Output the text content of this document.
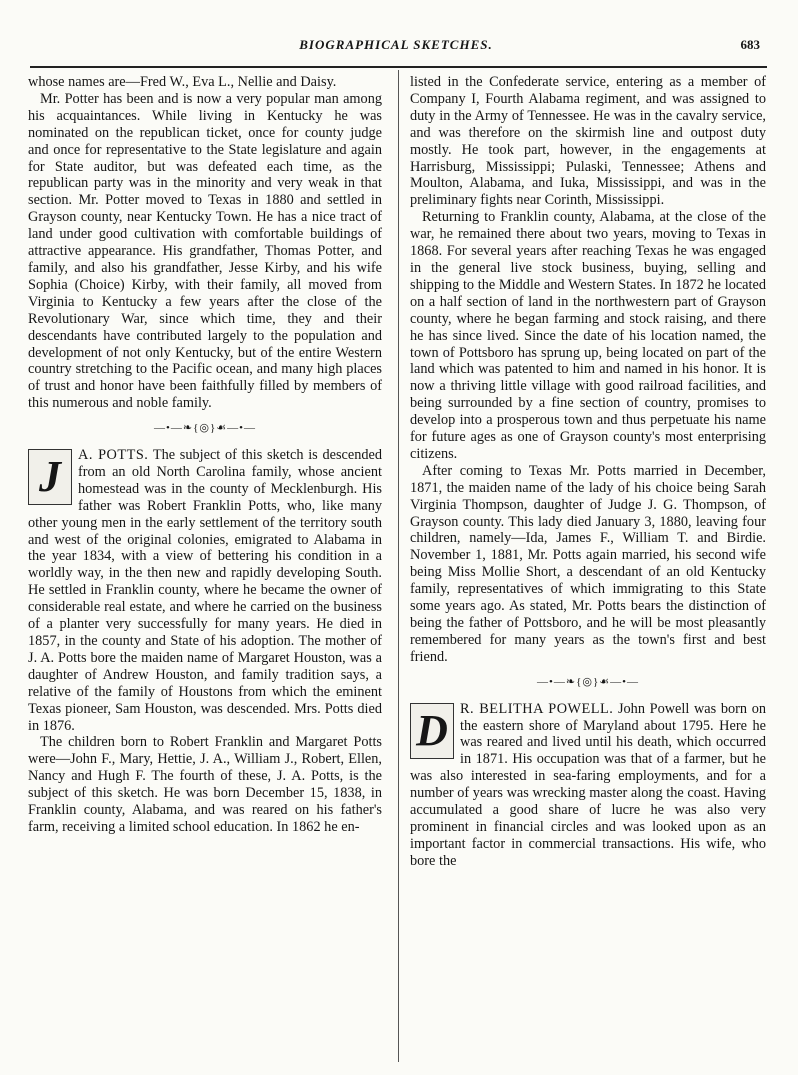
BIOGRAPHICAL SKETCHES.	683

whose names are—Fred W., Eva L., Nellie and Daisy.

Mr. Potter has been and is now a very popular man among his acquaintances. While living in Kentucky he was nominated on the republican ticket, once for county judge and once for representative to the State legislature and again for State auditor, but was defeated each time, as the republican party was in the minority and very weak in that section. Mr. Potter moved to Texas in 1880 and settled in Grayson county, near Kentucky Town. He has a nice tract of land under good cultivation with comfortable buildings of attractive appearance. His grandfather, Thomas Potter, and family, and also his grandfather, Jesse Kirby, and his wife Sophia (Choice) Kirby, with their family, all moved from Virginia to Kentucky a few years after the close of the Revolutionary War, since which time, they and their descendants have contributed largely to the population and development of not only Kentucky, but of the entire Western country stretching to the Pacific ocean, and many high places of trust and honor have been faithfully filled by members of this numerous and noble family.

—•—❧{◎}☙—•—
J	A. POTTS. The subject of this sketch is descended from an old North Carolina family, whose ancient homestead was in the county of Mecklenburgh. His father was Robert Franklin Potts, who, like many other young men in the early settlement of the territory south and west of the original colonies, emigrated to Alabama in the year 1834, with a view of bettering his condition in a worldly way, in the then new and rapidly developing South. He settled in Franklin county, where he became the owner of considerable real estate, and where he carried on the business of a planter very successfully for many years. He died in 1857, in the county and State of his adoption. The mother of J. A. Potts bore the maiden name of Margaret Houston, was a daughter of Andrew Houston, and family tradition says, a relative of the family of Houstons from which the eminent Texas pioneer, Sam Houston, was descended. Mrs. Potts died in 1876.

The children born to Robert Franklin and Margaret Potts were—John F., Mary, Hettie, J. A., William J., Robert, Ellen, Nancy and Hugh F. The fourth of these, J. A. Potts, is the subject of this sketch. He was born December 15, 1838, in Franklin county, Alabama, and was reared on his father's farm, receiving a limited school education. In 1862 he en-

listed in the Confederate service, entering as a member of Company I, Fourth Alabama regiment, and was assigned to duty in the Army of Tennessee. He was in the cavalry service, and was therefore on the skirmish line and outpost duty mostly. He took part, however, in the engagements at Harrisburg, Mississippi; Pulaski, Tennessee; Athens and Moulton, Alabama, and Iuka, Mississippi, and was in the preliminary fights near Corinth, Mississippi.

Returning to Franklin county, Alabama, at the close of the war, he remained there about two years, moving to Texas in 1868. For several years after reaching Texas he was engaged in the general live stock business, buying, selling and shipping to the Middle and Western States. In 1872 he located on a half section of land in the northwestern part of Grayson county, where he began farming and stock raising, and there he has since lived. Since the date of his location named, the town of Pottsboro has sprung up, being located on part of the land which was patented to him and named in his honor. It is now a thriving little village with good railroad facilities, and being surrounded by a fine section of country, promises to develop into a prosperous town and thus perpetuate his name for future ages as one of Grayson county's most enterprising citizens.

After coming to Texas Mr. Potts married in December, 1871, the maiden name of the lady of his choice being Sarah Virginia Thompson, daughter of Judge J. G. Thompson, of Grayson county. This lady died January 3, 1880, leaving four children, namely—Ida, James F., William T. and Birdie. November 1, 1881, Mr. Potts again married, his second wife being Miss Mollie Short, a descendant of an old Kentucky family, representatives of which immigrating to this State some years ago. As stated, Mr. Potts bears the distinction of being the father of Pottsboro, and he will be most pleasantly remembered for many years as the town's first and best friend.

—•—❧{◎}☙—•—
D R. BELITHA POWELL. John Powell was born on the eastern shore of Maryland about 1795. Here he was reared and lived until his death, which occurred in 1871. His occupation was that of a farmer, but he was also interested in sea-faring employments, and for a number of years was wrecking master along the coast. Having accumulated a good share of lucre he was also very prominent in financial circles and was looked upon as an important factor in commercial transactions. His wife, who bore the
